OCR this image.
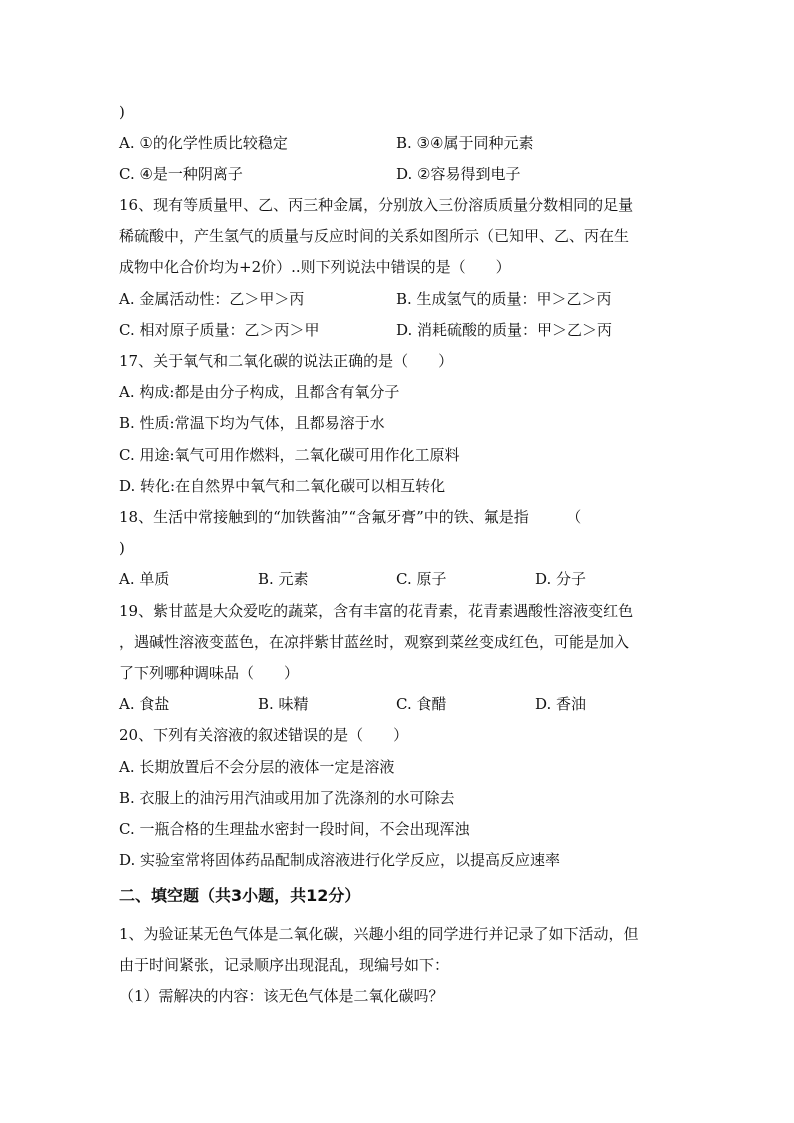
)
A. ①的化学性质比较稳定	B. ③④属于同种元素
C. ④是一种阴离子	D. ②容易得到电子
16、现有等质量甲、乙、丙三种金属，分别放入三份溶质质量分数相同的足量
稀硫酸中，产生氢气的质量与反应时间的关系如图所示（已知甲、乙、丙在生
成物中化合价均为+2价）..则下列说法中错误的是（　　）
A. 金属活动性：乙＞甲＞丙	B. 生成氢气的质量：甲＞乙＞丙
C. 相对原子质量：乙＞丙＞甲	D. 消耗硫酸的质量：甲＞乙＞丙
17、关于氧气和二氧化碳的说法正确的是（　　）
A. 构成:都是由分子构成，且都含有氧分子
B. 性质:常温下均为气体，且都易溶于水
C. 用途:氧气可用作燃料，二氧化碳可用作化工原料
D. 转化:在自然界中氧气和二氧化碳可以相互转化
18、生活中常接触到的“加铁酱油”“含氟牙膏”中的铁、氟是指　　　（
)
A. 单质	B. 元素	C. 原子	D. 分子
19、紫甘蓝是大众爱吃的蔬菜，含有丰富的花青素，花青素遇酸性溶液变红色
，遇碱性溶液变蓝色，在凉拌紫甘蓝丝时，观察到菜丝变成红色，可能是加入
了下列哪种调味品（　　）
A. 食盐	B. 味精	C. 食醋	D. 香油
20、下列有关溶液的叙述错误的是（　　）
A. 长期放置后不会分层的液体一定是溶液
B. 衣服上的油污用汽油或用加了洗涤剂的水可除去
C. 一瓶合格的生理盐水密封一段时间，不会出现浑浊
D. 实验室常将固体药品配制成溶液进行化学反应，以提高反应速率
二、填空题（共3小题，共12分）
1、为验证某无色气体是二氧化碳，兴趣小组的同学进行并记录了如下活动，但
由于时间紧张，记录顺序出现混乱，现编号如下：
（1）需解决的内容：该无色气体是二氧化碳吗？
